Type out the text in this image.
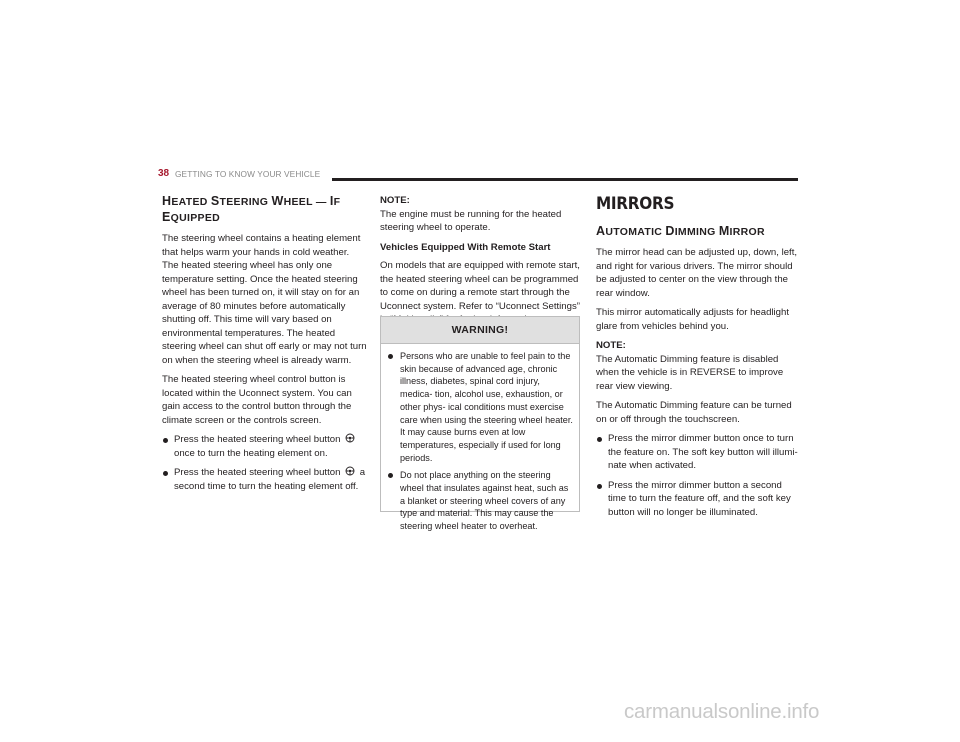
38 GETTING TO KNOW YOUR VEHICLE
HEATED STEERING WHEEL — IF
EQUIPPED

The steering wheel contains a heating element that helps warm your hands in cold weather. The heated steering wheel has only one temperature setting. Once the heated steering wheel has been turned on, it will stay on for an average of 80 minutes before automatically shutting off. This time will vary based on environmental temperatures. The heated steering wheel can shut off early or may not turn on when the steering wheel is already warm.

The heated steering wheel control button is located within the Uconnect system. You can gain access to the control button through the climate screen or the controls screen.

Press the heated steering wheel button  once to turn the heating element on.
Press the heated steering wheel button a second time to turn the heating element off.
NOTE:

The engine must be running for the heated steering wheel to operate.

Vehicles Equipped With Remote Start

On models that are equipped with remote start, the heated steering wheel can be programmed to come on during a remote start through the Uconnect system. Refer to “Uconnect Settings”

WARNING!
Persons who are unable to feel pain to the skin because of advanced age, chronic illness, diabetes, spinal cord injury, medica- tion, alcohol use, exhaustion, or other phys- ical conditions must exercise care when using the steering wheel heater. It may cause burns even at low temperatures, especially if used for long periods.
Do not place anything on the steering wheel that insulates against heat, such as a blanket or steering wheel covers of any type and material. This may cause the steering wheel heater to overheat.
MIRRORS
AUTOMATIC DIMMING MIRROR

The mirror head can be adjusted up, down, left, and right for various drivers. The mirror should be adjusted to center on the view through the rear window.

This mirror automatically adjusts for headlight glare from vehicles behind you.

NOTE:

The Automatic Dimming feature is disabled when the vehicle is in REVERSE to improve rear view viewing.

The Automatic Dimming feature can be turned on or off through the touchscreen.

Press the mirror dimmer button once to turn the feature on. The soft key button will illumi- nate when activated.
Press the mirror dimmer button a second time to turn the feature off, and the soft key button will no longer be illuminated.
carmanualsonline.info
